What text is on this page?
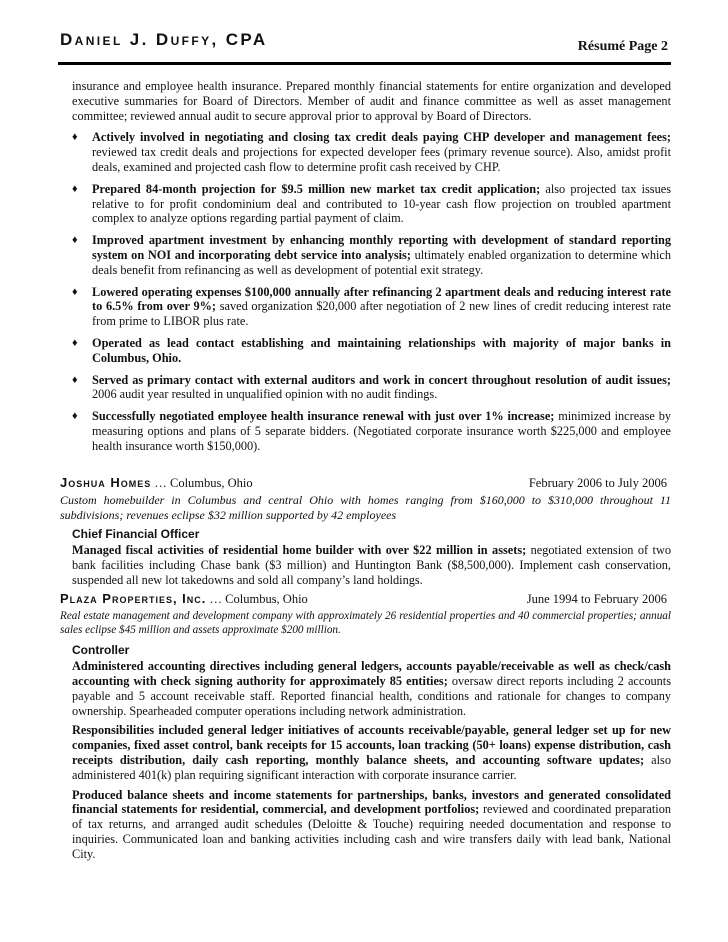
Daniel J. Duffy, CPA	Résumé Page 2

insurance and employee health insurance. Prepared monthly financial statements for entire organization and developed executive summaries for Board of Directors. Member of audit and finance committee as well as asset management committee; reviewed annual audit to secure approval prior to approval by Board of Directors.

♦ Actively involved in negotiating and closing tax credit deals paying CHP developer and management fees; reviewed tax credit deals and projections for expected developer fees (primary revenue source). Also, amidst profit deals, examined and projected cash flow to determine profit cash received by CHP.
♦ Prepared 84-month projection for $9.5 million new market tax credit application; also projected tax issues relative to for profit condominium deal and contributed to 10-year cash flow projection on troubled apartment complex to analyze options regarding partial payment of claim.
♦ Improved apartment investment by enhancing monthly reporting with development of standard reporting system on NOI and incorporating debt service into analysis; ultimately enabled organization to determine which deals benefit from refinancing as well as development of potential exit strategy.
♦ Lowered operating expenses $100,000 annually after refinancing 2 apartment deals and reducing interest rate to 6.5% from over 9%; saved organization $20,000 after negotiation of 2 new lines of credit reducing interest rate from prime to LIBOR plus rate.
♦ Operated as lead contact establishing and maintaining relationships with majority of major banks in Columbus, Ohio.
♦ Served as primary contact with external auditors and work in concert throughout resolution of audit issues; 2006 audit year resulted in unqualified opinion with no audit findings.
♦ Successfully negotiated employee health insurance renewal with just over 1% increase; minimized increase by measuring options and plans of 5 separate bidders. (Negotiated corporate insurance worth $225,000 and employee health insurance worth $150,000).
Joshua Homes … Columbus, Ohio	February 2006 to July 2006

Custom homebuilder in Columbus and central Ohio with homes ranging from $160,000 to $310,000 throughout 11 subdivisions; revenues eclipse $32 million supported by 42 employees

Chief Financial Officer

Managed fiscal activities of residential home builder with over $22 million in assets; negotiated extension of two bank facilities including Chase bank ($3 million) and Huntington Bank ($8,500,000). Implement cash conservation, suspended all new lot takedowns and sold all company’s land holdings.

Plaza Properties, Inc. … Columbus, Ohio	June 1994 to February 2006

Real estate management and development company with approximately 26 residential properties and 40 commercial properties; annual sales eclipse $45 million and assets approximate $200 million.

Controller

Administered accounting directives including general ledgers, accounts payable/receivable as well as check/cash accounting with check signing authority for approximately 85 entities; oversaw direct reports including 2 accounts payable and 5 account receivable staff. Reported financial health, conditions and rationale for changes to company ownership. Spearheaded computer operations including network administration.

Responsibilities included general ledger initiatives of accounts receivable/payable, general ledger set up for new companies, fixed asset control, bank receipts for 15 accounts, loan tracking (50+ loans) expense distribution, cash receipts distribution, daily cash reporting, monthly balance sheets, and accounting software updates; also administered 401(k) plan requiring significant interaction with corporate insurance carrier.

Produced balance sheets and income statements for partnerships, banks, investors and generated consolidated financial statements for residential, commercial, and development portfolios; reviewed and coordinated preparation of tax returns, and arranged audit schedules (Deloitte & Touche) requiring needed documentation and response to inquiries. Communicated loan and banking activities including cash and wire transfers daily with lead bank, National City.
